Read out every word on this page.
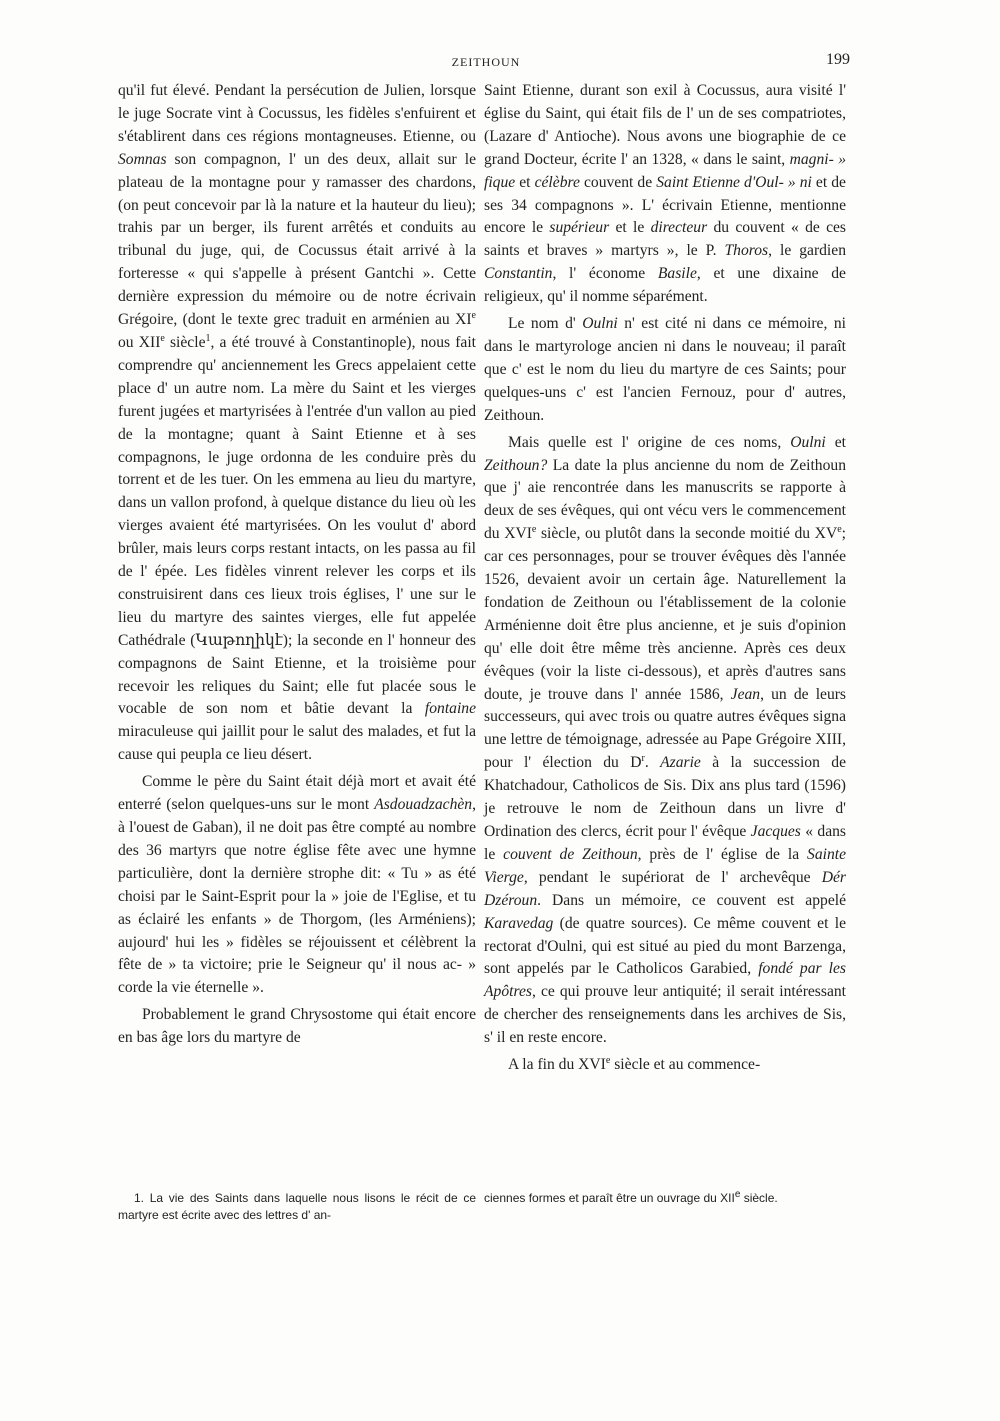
ZEITHOUN	199

qu'il fut élevé. Pendant la persécution de Julien, lorsque le juge Socrate vint à Cocussus, les fidèles s'enfuirent et s'établirent dans ces régions montagneuses. Etienne, ou Somnas son compagnon, l' un des deux, allait sur le plateau de la montagne pour y ramasser des chardons, (on peut concevoir par là la nature et la hauteur du lieu); trahis par un berger, ils furent arrêtés et conduits au tribunal du juge, qui, de Cocussus était arrivé à la forteresse « qui s'appelle à présent Gantchi ». Cette dernière expression du mémoire ou de notre écrivain Grégoire, (dont le texte grec traduit en arménien au XIe ou XIIe siècle$^1$, a été trouvé à Constantinople), nous fait comprendre qu' anciennement les Grecs appelaient cette place d' un autre nom. La mère du Saint et les vierges furent jugées et martyrisées à l'entrée d'un vallon au pied de la montagne; quant à Saint Etienne et à ses compagnons, le juge ordonna de les conduire près du torrent et de les tuer. On les emmena au lieu du martyre, dans un vallon profond, à quelque distance du lieu où les vierges avaient été martyrisées. On les voulut d' abord brûler, mais leurs corps restant intacts, on les passa au fil de l' épée. Les fidèles vinrent relever les corps et ils construisirent dans ces lieux trois églises, l' une sur le lieu du martyre des saintes vierges, elle fut appelée Cathédrale (Կաթողիկէ); la seconde en l' honneur des compagnons de Saint Etienne, et la troisième pour recevoir les reliques du Saint; elle fut placée sous le vocable de son nom et bâtie devant la fontaine miraculeuse qui jaillit pour le salut des malades, et fut la cause qui peupla ce lieu désert.

Comme le père du Saint était déjà mort et avait été enterré (selon quelques-uns sur le mont Asdouadzachèn, à l'ouest de Gaban), il ne doit pas être compté au nombre des 36 martyrs que notre église fête avec une hymne particulière, dont la dernière strophe dit: « Tu » as été choisi par le Saint-Esprit pour la » joie de l'Eglise, et tu as éclairé les enfants » de Thorgom, (les Arméniens); aujourd' hui les » fidèles se réjouissent et célèbrent la fête de » ta victoire; prie le Seigneur qu' il nous ac- » corde la vie éternelle ».

Probablement le grand Chrysostome qui était encore en bas âge lors du martyre de

Saint Etienne, durant son exil à Cocussus, aura visité l' église du Saint, qui était fils de l' un de ses compatriotes, (Lazare d' Antioche). Nous avons une biographie de ce grand Docteur, écrite l' an 1328, « dans le saint, magni- » fique et célèbre couvent de Saint Etienne d'Oul- » ni et de ses 34 compagnons ». L' écrivain Etienne, mentionne encore le supérieur et le directeur du couvent « de ces saints et braves » martyrs », le P. Thoros, le gardien Constantin, l' économe Basile, et une dixaine de religieux, qu' il nomme séparément.

Le nom d' Oulni n' est cité ni dans ce mémoire, ni dans le martyrologe ancien ni dans le nouveau; il paraît que c' est le nom du lieu du martyre de ces Saints; pour quelques-uns c' est l'ancien Fernouz, pour d' autres, Zeithoun.

Mais quelle est l' origine de ces noms, Oulni et Zeithoun? La date la plus ancienne du nom de Zeithoun que j' aie rencontrée dans les manuscrits se rapporte à deux de ses évêques, qui ont vécu vers le commencement du XVIe siècle, ou plutôt dans la seconde moitié du XVe; car ces personnages, pour se trouver évêques dès l'année 1526, devaient avoir un certain âge. Naturellement la fondation de Zeithoun ou l'établissement de la colonie Arménienne doit être plus ancienne, et je suis d'opinion qu' elle doit être même très ancienne. Après ces deux évêques (voir la liste ci-dessous), et après d'autres sans doute, je trouve dans l' année 1586, Jean, un de leurs successeurs, qui avec trois ou quatre autres évêques signa une lettre de témoignage, adressée au Pape Grégoire XIII, pour l' élection du $D^r$. Azarie à la succession de Khatchadour, Catholicos de Sis. Dix ans plus tard (1596) je retrouve le nom de Zeithoun dans un livre d' Ordination des clercs, écrit pour l' évêque Jacques « dans le couvent de Zeithoun, près de l' église de la Sainte Vierge, pendant le supériorat de l' archevêque Dér Dzéroun. Dans un mémoire, ce couvent est appelé Karavedag (de quatre sources). Ce même couvent et le rectorat d'Oulni, qui est situé au pied du mont Barzenga, sont appelés par le Catholicos Garabied, fondé par les Apôtres, ce qui prouve leur antiquité; il serait intéressant de chercher des renseignements dans les archives de Sis, s' il en reste encore.

A la fin du XVIe siècle et au commence-

1. La vie des Saints dans laquelle nous lisons le récit de ce martyre est écrite avec des lettres d' an-

ciennes formes et paraît être un ouvrage du XIIe siècle.
